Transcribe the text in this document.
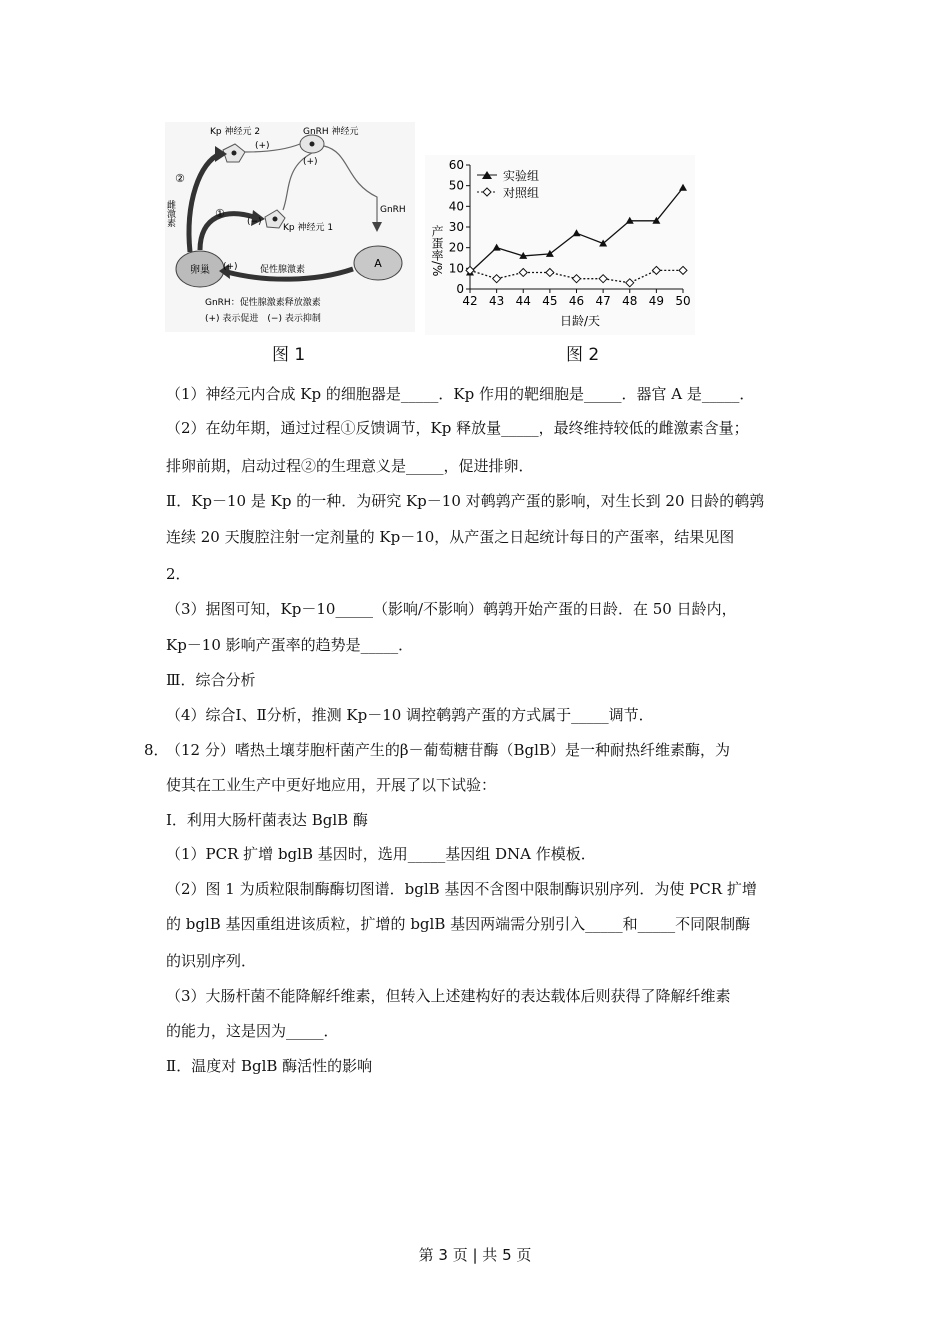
卵巢
A
Kp 神经元 2	GnRH 神经元
Kp 神经元 1
GnRH
促性腺激素
(+)
(+)
(+)
(−)
①
②
雌激素
GnRH：促性腺激素释放激素
(+) 表示促进　(−) 表示抑制
图 1
产蛋率/%
日龄/天
实验组
对照组
0
10
20
30
40
50
60
42 43 44 45 46 47 48 49 50
图 2
（1）神经元内合成 Kp 的细胞器是_____．Kp 作用的靶细胞是_____．器官 A 是_____．
（2）在幼年期，通过过程①反馈调节，Kp 释放量_____，最终维持较低的雌激素含量；
排卵前期，启动过程②的生理意义是_____，促进排卵．
Ⅱ．Kp－10 是 Kp 的一种．为研究 Kp－10 对鹌鹑产蛋的影响，对生长到 20 日龄的鹌鹑
连续 20 天腹腔注射一定剂量的 Kp－10，从产蛋之日起统计每日的产蛋率，结果见图
2．
（3）据图可知，Kp－10_____（影响/不影响）鹌鹑开始产蛋的日龄．在 50 日龄内，
Kp－10 影响产蛋率的趋势是_____．
Ⅲ．综合分析
（4）综合Ⅰ、Ⅱ分析，推测 Kp－10 调控鹌鹑产蛋的方式属于_____调节．
8．
（12 分）嗜热土壤芽胞杆菌产生的β－葡萄糖苷酶（BglB）是一种耐热纤维素酶，为
使其在工业生产中更好地应用，开展了以下试验：
Ⅰ．利用大肠杆菌表达 BglB 酶
（1）PCR 扩增 bglB 基因时，选用_____基因组 DNA 作模板．
（2）图 1 为质粒限制酶酶切图谱．bglB 基因不含图中限制酶识别序列．为使 PCR 扩增
的 bglB 基因重组进该质粒，扩增的 bglB 基因两端需分别引入_____和_____不同限制酶
的识别序列．
（3）大肠杆菌不能降解纤维素，但转入上述建构好的表达载体后则获得了降解纤维素
的能力，这是因为_____．
Ⅱ．温度对 BglB 酶活性的影响
第 3 页 | 共 5 页
